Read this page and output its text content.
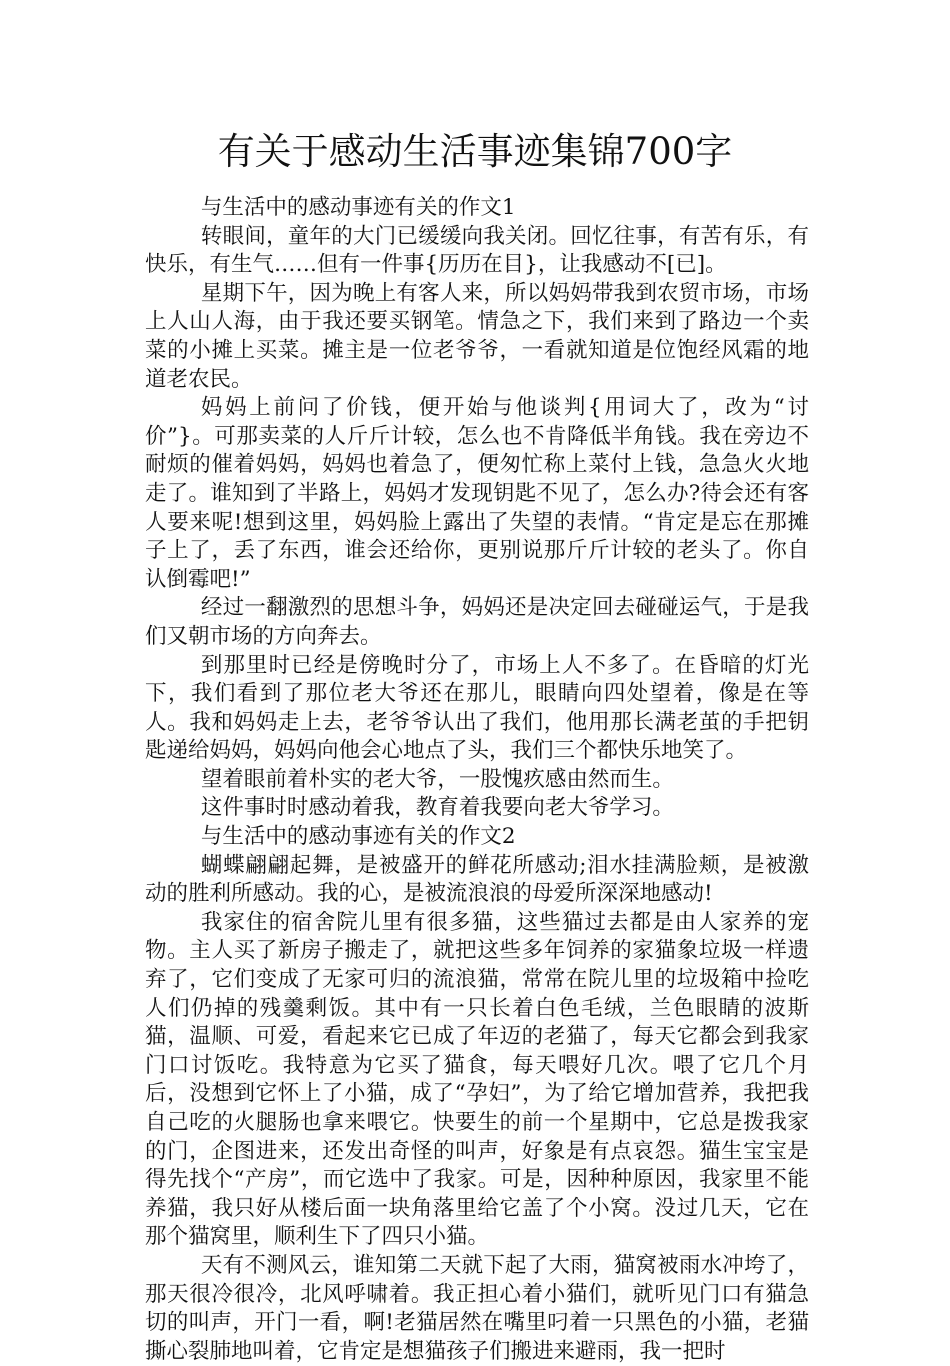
有关于感动生活事迹集锦700字

与生活中的感动事迹有关的作文1

转眼间，童年的大门已缓缓向我关闭。回忆往事，有苦有乐，有快乐，有生气……但有一件事{历历在目}，让我感动不[已]。

星期下午，因为晚上有客人来，所以妈妈带我到农贸市场，市场上人山人海，由于我还要买钢笔。情急之下，我们来到了路边一个卖菜的小摊上买菜。摊主是一位老爷爷，一看就知道是位饱经风霜的地道老农民。

妈妈上前问了价钱，便开始与他谈判{用词大了，改为“讨价”}。可那卖菜的人斤斤计较，怎么也不肯降低半角钱。我在旁边不耐烦的催着妈妈，妈妈也着急了，便匆忙称上菜付上钱，急急火火地走了。谁知到了半路上，妈妈才发现钥匙不见了，怎么办?待会还有客人要来呢!想到这里，妈妈脸上露出了失望的表情。“肯定是忘在那摊子上了，丢了东西，谁会还给你，更别说那斤斤计较的老头了。你自认倒霉吧!”

经过一翻激烈的思想斗争，妈妈还是决定回去碰碰运气，于是我们又朝市场的方向奔去。

到那里时已经是傍晚时分了，市场上人不多了。在昏暗的灯光下，我们看到了那位老大爷还在那儿，眼睛向四处望着，像是在等人。我和妈妈走上去，老爷爷认出了我们，他用那长满老茧的手把钥匙递给妈妈，妈妈向他会心地点了头，我们三个都快乐地笑了。

望着眼前着朴实的老大爷，一股愧疚感由然而生。

这件事时时感动着我，教育着我要向老大爷学习。

与生活中的感动事迹有关的作文2

蝴蝶翩翩起舞，是被盛开的鲜花所感动;泪水挂满脸颊，是被激动的胜利所感动。我的心，是被流浪浪的母爱所深深地感动!

我家住的宿舍院儿里有很多猫，这些猫过去都是由人家养的宠物。主人买了新房子搬走了，就把这些多年饲养的家猫象垃圾一样遗弃了，它们变成了无家可归的流浪猫，常常在院儿里的垃圾箱中捡吃人们仍掉的残羹剩饭。其中有一只长着白色毛绒，兰色眼睛的波斯猫，温顺、可爱，看起来它已成了年迈的老猫了，每天它都会到我家门口讨饭吃。我特意为它买了猫食，每天喂好几次。喂了它几个月后，没想到它怀上了小猫，成了“孕妇”，为了给它增加营养，我把我自己吃的火腿肠也拿来喂它。快要生的前一个星期中，它总是拨我家的门，企图进来，还发出奇怪的叫声，好象是有点哀怨。猫生宝宝是得先找个“产房”，而它选中了我家。可是，因种种原因，我家里不能养猫，我只好从楼后面一块角落里给它盖了个小窝。没过几天，它在那个猫窝里，顺利生下了四只小猫。

天有不测风云，谁知第二天就下起了大雨，猫窝被雨水冲垮了，那天很冷很冷，北风呼啸着。我正担心着小猫们，就听见门口有猫急切的叫声，开门一看，啊!老猫居然在嘴里叼着一只黑色的小猫，老猫撕心裂肺地叫着，它肯定是想猫孩子们搬进来避雨，我一把时
